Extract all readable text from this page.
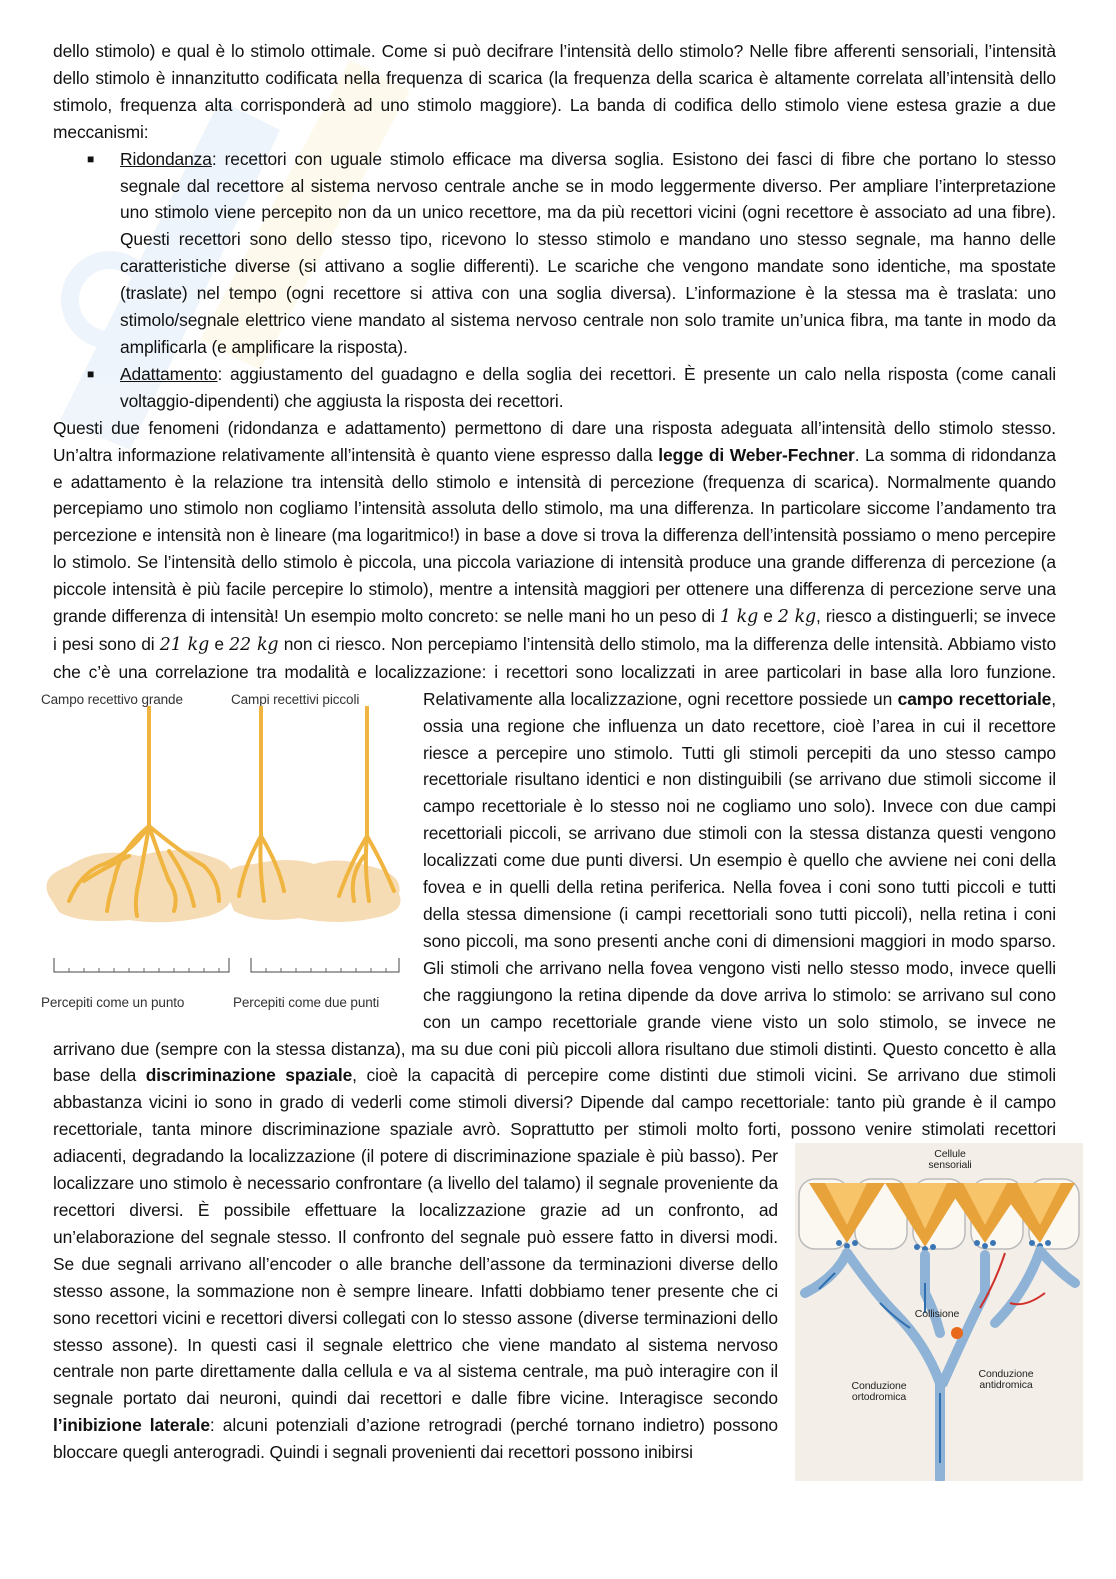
dello stimolo) e qual è lo stimolo ottimale. Come si può decifrare l’intensità dello stimolo? Nelle fibre afferenti sensoriali, l’intensità dello stimolo è innanzitutto codificata nella frequenza di scarica (la frequenza della scarica è altamente correlata all’intensità dello stimolo, frequenza alta corrisponderà ad uno stimolo maggiore). La banda di codifica dello stimolo viene estesa grazie a due meccanismi:

■ Ridondanza: recettori con uguale stimolo efficace ma diversa soglia. Esistono dei fasci di fibre che portano lo stesso segnale dal recettore al sistema nervoso centrale anche se in modo leggermente diverso. Per ampliare l’interpretazione uno stimolo viene percepito non da un unico recettore, ma da più recettori vicini (ogni recettore è associato ad una fibre). Questi recettori sono dello stesso tipo, ricevono lo stesso stimolo e mandano uno stesso segnale, ma hanno delle caratteristiche diverse (si attivano a soglie differenti). Le scariche che vengono mandate sono identiche, ma spostate (traslate) nel tempo (ogni recettore si attiva con una soglia diversa). L’informazione è la stessa ma è traslata: uno stimolo/segnale elettrico viene mandato al sistema nervoso centrale non solo tramite un’unica fibra, ma tante in modo da amplificarla (e amplificare la risposta).
■ Adattamento: aggiustamento del guadagno e della soglia dei recettori. È presente un calo nella risposta (come canali voltaggio-dipendenti) che aggiusta la risposta dei recettori.

Questi due fenomeni (ridondanza e adattamento) permettono di dare una risposta adeguata all’intensità dello stimolo stesso. Un’altra informazione relativamente all’intensità è quanto viene espresso dalla legge di Weber-Fechner. La somma di ridondanza e adattamento è la relazione tra intensità dello stimolo e intensità di percezione (frequenza di scarica). Normalmente quando percepiamo uno stimolo non cogliamo l’intensità assoluta dello stimolo, ma una differenza. In particolare siccome l’andamento tra percezione e intensità non è lineare (ma logaritmico!) in base a dove si trova la differenza dell’intensità possiamo o meno percepire lo stimolo. Se l’intensità dello stimolo è piccola, una piccola variazione di intensità produce una grande differenza di percezione (a piccole intensità è più facile percepire lo stimolo), mentre a intensità maggiori per ottenere una differenza di percezione serve una grande differenza di intensità! Un esempio molto concreto: se nelle mani ho un peso di 1 kg e 2 kg, riesco a distinguerli; se invece i pesi sono di 21 kg e 22 kg non ci riesco. Non percepiamo l’intensità dello stimolo, ma la differenza delle intensità. Abbiamo visto che c’è una correlazione tra modalità e localizzazione: i recettori sono localizzati in aree particolari in base alla loro funzione. Relativamente alla
Campo recettivo grande	Campi recettivi piccoli
Percepiti come un punto	Percepiti come due punti
localizzazione, ogni recettore possiede un campo recettoriale, ossia una regione che influenza un dato recettore, cioè l’area in cui il recettore riesce a percepire uno stimolo. Tutti gli stimoli percepiti da uno stesso campo recettoriale risultano identici e non distinguibili (se arrivano due stimoli siccome il campo recettoriale è lo stesso noi ne cogliamo uno solo). Invece con due campi recettoriali piccoli, se arrivano due stimoli con la stessa distanza questi vengono localizzati come due punti diversi. Un esempio è quello che avviene nei coni della fovea e in quelli della retina periferica. Nella fovea i coni sono tutti piccoli e tutti della stessa dimensione (i campi recettoriali sono tutti piccoli), nella retina i coni sono piccoli, ma sono presenti anche coni di dimensioni maggiori in modo sparso. Gli stimoli che arrivano nella fovea vengono visti nello stesso modo, invece quelli che raggiungono la retina dipende da dove arriva lo stimolo: se arrivano sul cono con un campo recettoriale grande viene visto un solo stimolo, se invece ne arrivano due (sempre con la stessa distanza), ma su due coni più piccoli allora risultano due stimoli distinti. Questo concetto è alla base della discriminazione spaziale, cioè la capacità di percepire come distinti due stimoli vicini. Se arrivano due stimoli abbastanza vicini io sono in grado di vederli come stimoli diversi? Dipende dal campo recettoriale: tanto più grande è il campo recettoriale, tanta minore discriminazione spaziale avrò. Soprattutto per stimoli molto forti, possono venire stimolati recettori adiacenti, degradando la localizzazione (il potere di discriminazione spaziale	Cellule sensoriali
Collisione
Conduzione ortodromica
Conduzione antidromica
è più basso). Per localizzare uno stimolo è necessario confrontare (a livello del talamo) il segnale proveniente da recettori diversi. È possibile effettuare la localizzazione grazie ad un confronto, ad un’elaborazione del segnale stesso. Il confronto del segnale può essere fatto in diversi modi. Se due segnali arrivano all’encoder o alle branche dell’assone da terminazioni diverse dello stesso assone, la sommazione non è sempre lineare. Infatti dobbiamo tener presente che ci sono recettori vicini e recettori diversi collegati con lo stesso assone (diverse terminazioni dello stesso assone). In questi casi il segnale elettrico che viene mandato al sistema nervoso centrale non parte direttamente dalla cellula e va al sistema centrale, ma può interagire con il segnale portato dai neuroni, quindi dai recettori e dalle fibre vicine. Interagisce secondo l’inibizione laterale: alcuni potenziali d’azione retrogradi (perché tornano indietro) possono bloccare quegli anterogradi. Quindi i segnali provenienti dai recettori possono inibirsi
